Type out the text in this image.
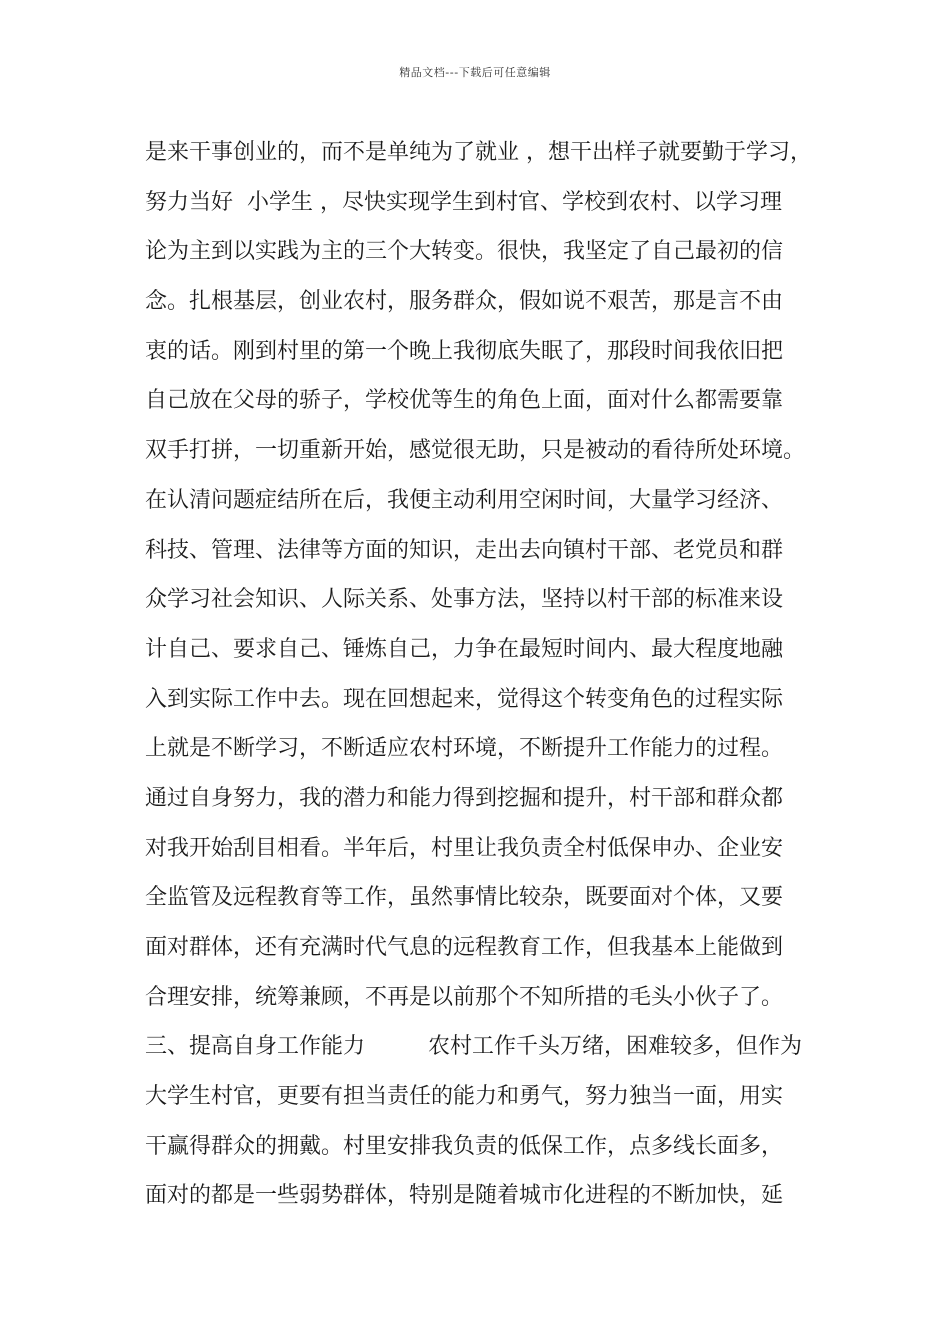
精品文档---下载后可任意编辑
是来干事创业的，而不是单纯为了就业 ，想干出样子就要勤于学习，
努力当好  小学生 ，尽快实现学生到村官、学校到农村、以学习理
论为主到以实践为主的三个大转变。很快，我坚定了自己最初的信
念。扎根基层，创业农村，服务群众，假如说不艰苦，那是言不由
衷的话。刚到村里的第一个晚上我彻底失眠了，那段时间我依旧把
自己放在父母的骄子，学校优等生的角色上面，面对什么都需要靠
双手打拼，一切重新开始，感觉很无助，只是被动的看待所处环境。
在认清问题症结所在后，我便主动利用空闲时间，大量学习经济、
科技、管理、法律等方面的知识，走出去向镇村干部、老党员和群
众学习社会知识、人际关系、处事方法，坚持以村干部的标准来设
计自己、要求自己、锤炼自己，力争在最短时间内、最大程度地融
入到实际工作中去。现在回想起来，觉得这个转变角色的过程实际
上就是不断学习，不断适应农村环境，不断提升工作能力的过程。
通过自身努力，我的潜力和能力得到挖掘和提升，村干部和群众都
对我开始刮目相看。半年后，村里让我负责全村低保申办、企业安
全监管及远程教育等工作，虽然事情比较杂，既要面对个体，又要
面对群体，还有充满时代气息的远程教育工作，但我基本上能做到
合理安排，统筹兼顾，不再是以前那个不知所措的毛头小伙子了。
三、提高自身工作能力         农村工作千头万绪，困难较多，但作为
大学生村官，更要有担当责任的能力和勇气，努力独当一面，用实
干赢得群众的拥戴。村里安排我负责的低保工作，点多线长面多，
面对的都是一些弱势群体，特别是随着城市化进程的不断加快，延
